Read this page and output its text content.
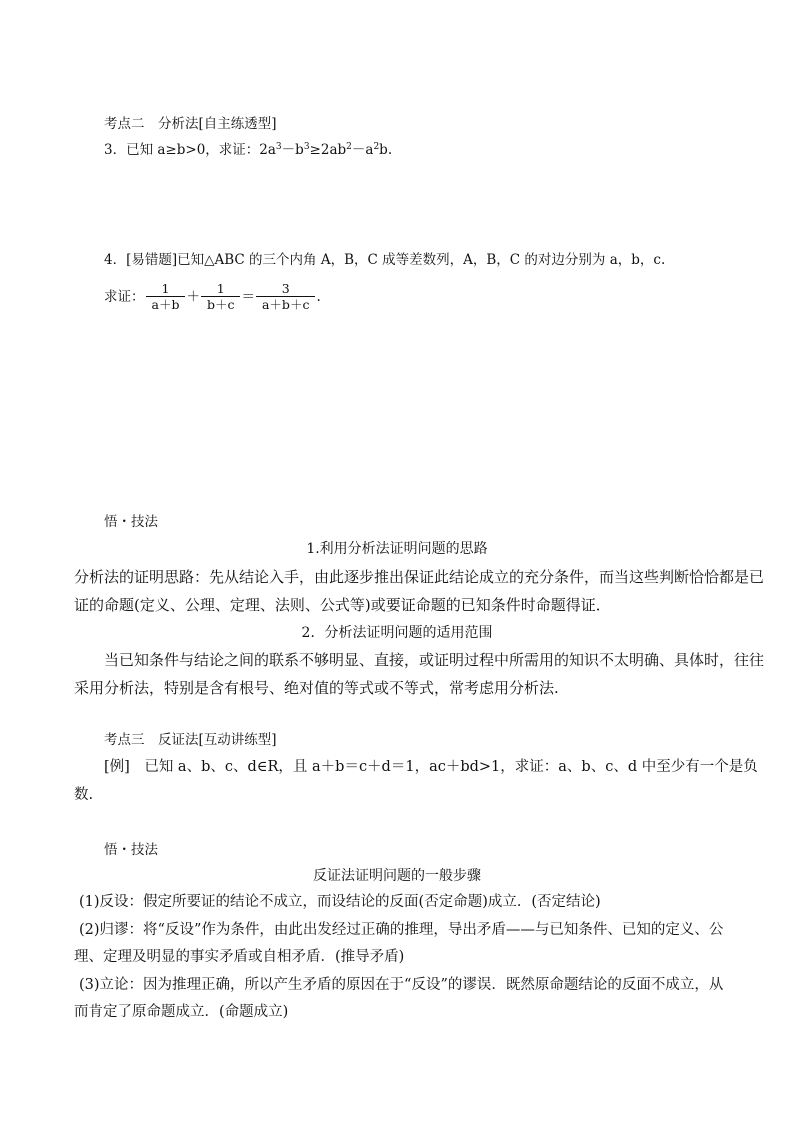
考点二　分析法[自主练透型]
3．已知 a≥b>0，求证：$2a^3-b^3\ge 2ab^2-a^2b$.
4．[易错题]已知△ABC 的三个内角 A，B，C 成等差数列，A，B，C 的对边分别为 a，b，c.
求证： $\frac{1}{a+b} + \frac{1}{b+c} = \frac{3}{a+b+c}$ .
悟・技法
1.利用分析法证明问题的思路
分析法的证明思路：先从结论入手，由此逐步推出保证此结论成立的充分条件，而当这些判断恰恰都是已
证的命题(定义、公理、定理、法则、公式等)或要证命题的已知条件时命题得证．
2．分析法证明问题的适用范围
当已知条件与结论之间的联系不够明显、直接，或证明过程中所需用的知识不太明确、具体时，往往
采用分析法，特别是含有根号、绝对值的等式或不等式，常考虑用分析法.
考点三　反证法[互动讲练型]
[例]　已知 a、b、c、d∈R，且 a＋b＝c＋d＝1，ac＋bd>1，求证：a、b、c、d 中至少有一个是负
数.
悟・技法
反证法证明问题的一般步骤
(1)反设：假定所要证的结论不成立，而设结论的反面(否定命题)成立．(否定结论)
(2)归谬：将“反设”作为条件，由此出发经过正确的推理，导出矛盾——与已知条件、已知的定义、公
理、定理及明显的事实矛盾或自相矛盾．(推导矛盾)
(3)立论：因为推理正确，所以产生矛盾的原因在于“反设”的谬误．既然原命题结论的反面不成立，从
而肯定了原命题成立．(命题成立)
